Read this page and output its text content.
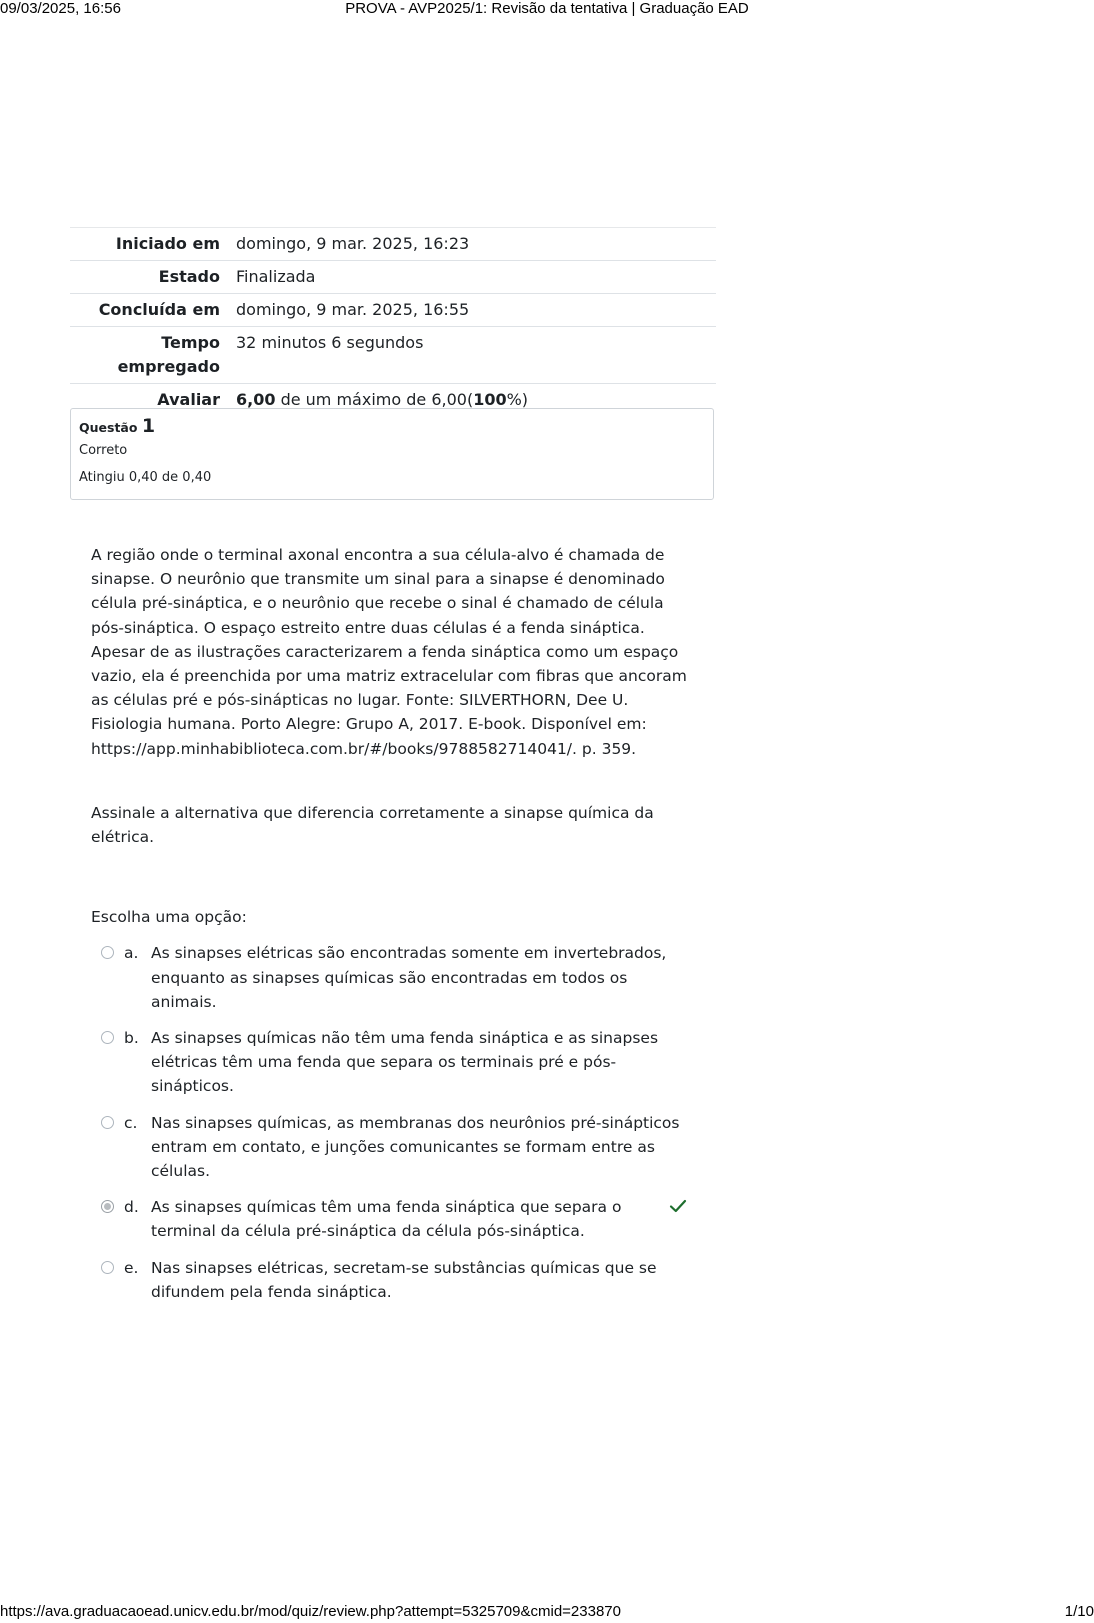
09/03/2025, 16:56	PROVA - AVP2025/1: Revisão da tentativa | Graduação EAD
Iniciado em	domingo, 9 mar. 2025, 16:23
Estado	Finalizada
Concluída em	domingo, 9 mar. 2025, 16:55
Tempo empregado	32 minutos 6 segundos
Avaliar	6,00 de um máximo de 6,00(100%)
Questão 1
Correto
Atingiu 0,40 de 0,40

A região onde o terminal axonal encontra a sua célula-alvo é chamada de sinapse. O neurônio que transmite um sinal para a sinapse é denominado célula pré-sináptica, e o neurônio que recebe o sinal é chamado de célula pós-sináptica. O espaço estreito entre duas células é a fenda sináptica. Apesar de as ilustrações caracterizarem a fenda sináptica como um espaço vazio, ela é preenchida por uma matriz extracelular com fibras que ancoram as células pré e pós-sinápticas no lugar. Fonte: SILVERTHORN, Dee U. Fisiologia humana. Porto Alegre: Grupo A, 2017. E-book. Disponível em: https://app.minhabiblioteca.com.br/#/books/9788582714041/. p. 359.

Assinale a alternativa que diferencia corretamente a sinapse química da elétrica.

Escolha uma opção:

a. As sinapses elétricas são encontradas somente em invertebrados, enquanto as sinapses químicas são encontradas em todos os animais.
b. As sinapses químicas não têm uma fenda sináptica e as sinapses elétricas têm uma fenda que separa os terminais pré e pós-sinápticos.
c. Nas sinapses químicas, as membranas dos neurônios pré-sinápticos entram em contato, e junções comunicantes se formam entre as células.
d. As sinapses químicas têm uma fenda sináptica que separa o terminal da célula pré-sináptica da célula pós-sináptica.
e. Nas sinapses elétricas, secretam-se substâncias químicas que se difundem pela fenda sináptica.
https://ava.graduacaoead.unicv.edu.br/mod/quiz/review.php?attempt=5325709&cmid=233870	1/10
